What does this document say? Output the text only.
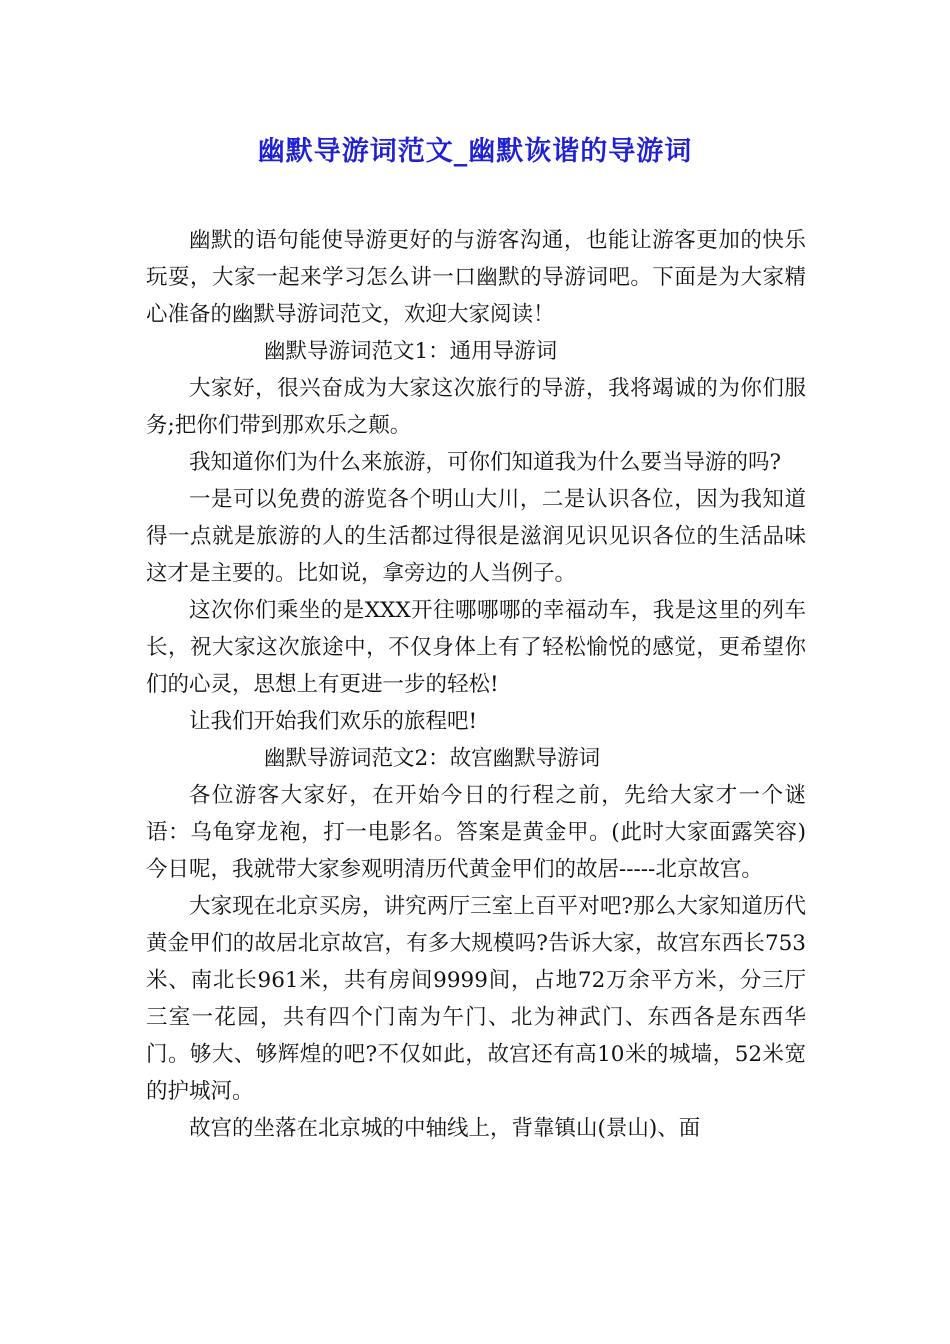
幽默导游词范文_幽默诙谐的导游词

幽默的语句能使导游更好的与游客沟通，也能让游客更加的快乐玩耍，大家一起来学习怎么讲一口幽默的导游词吧。下面是为大家精心准备的幽默导游词范文，欢迎大家阅读！

幽默导游词范文1：通用导游词

大家好，很兴奋成为大家这次旅行的导游，我将竭诚的为你们服务;把你们带到那欢乐之颠。

我知道你们为什么来旅游，可你们知道我为什么要当导游的吗?

一是可以免费的游览各个明山大川，二是认识各位，因为我知道得一点就是旅游的人的生活都过得很是滋润见识见识各位的生活品味这才是主要的。比如说，拿旁边的人当例子。

这次你们乘坐的是XXX开往哪哪哪的幸福动车，我是这里的列车长，祝大家这次旅途中，不仅身体上有了轻松愉悦的感觉，更希望你们的心灵，思想上有更进一步的轻松!

让我们开始我们欢乐的旅程吧!

幽默导游词范文2：故宫幽默导游词

各位游客大家好，在开始今日的行程之前，先给大家才一个谜语：乌龟穿龙袍，打一电影名。答案是黄金甲。(此时大家面露笑容)今日呢，我就带大家参观明清历代黄金甲们的故居-----北京故宫。

大家现在北京买房，讲究两厅三室上百平对吧?那么大家知道历代黄金甲们的故居北京故宫，有多大规模吗?告诉大家，故宫东西长753米、南北长961米，共有房间9999间，占地72万余平方米，分三厅三室一花园，共有四个门南为午门、北为神武门、东西各是东西华门。够大、够辉煌的吧?不仅如此，故宫还有高10米的城墙，52米宽的护城河。

故宫的坐落在北京城的中轴线上，背靠镇山(景山)、面
